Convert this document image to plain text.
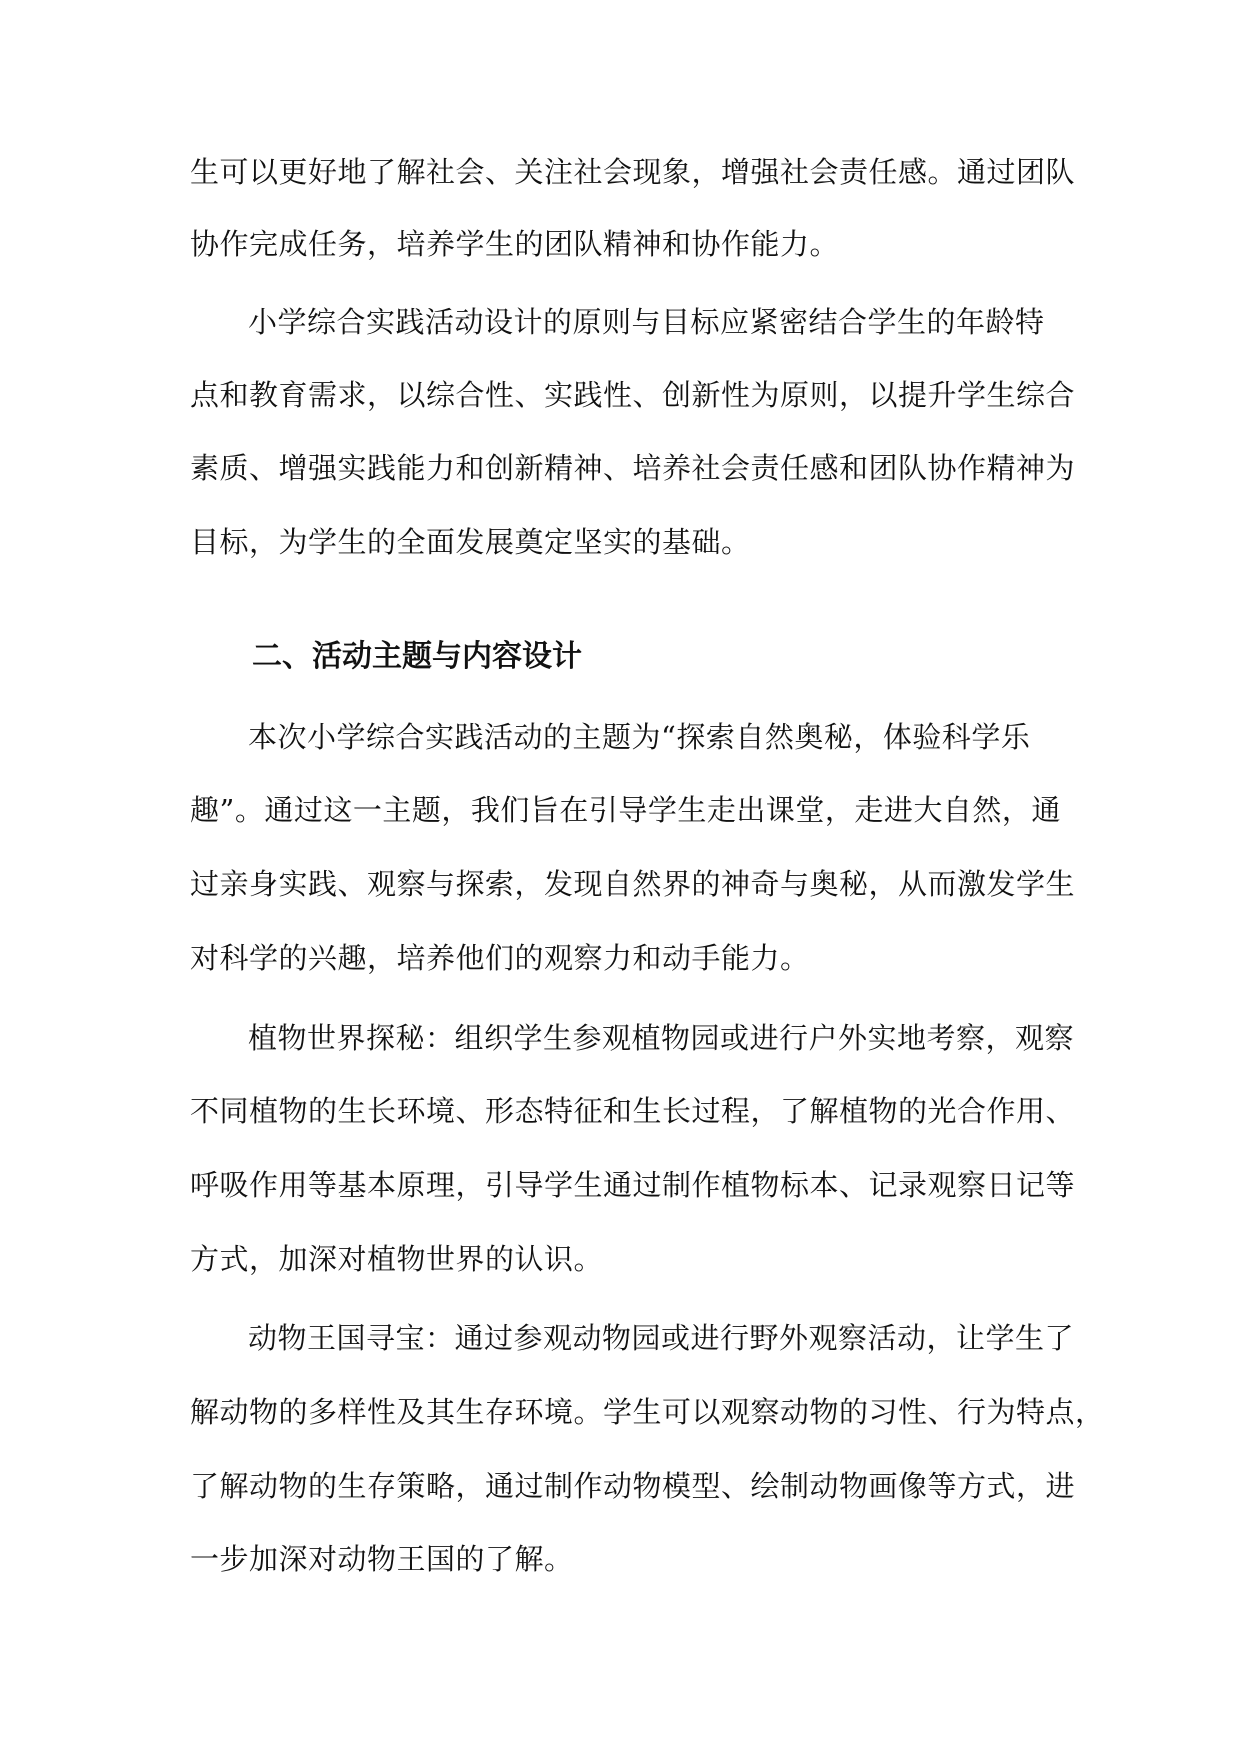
生可以更好地了解社会、关注社会现象，增强社会责任感。通过团队
协作完成任务，培养学生的团队精神和协作能力。
小学综合实践活动设计的原则与目标应紧密结合学生的年龄特
点和教育需求，以综合性、实践性、创新性为原则，以提升学生综合
素质、增强实践能力和创新精神、培养社会责任感和团队协作精神为
目标，为学生的全面发展奠定坚实的基础。
二、活动主题与内容设计
本次小学综合实践活动的主题为“探索自然奥秘，体验科学乐
趣”。通过这一主题，我们旨在引导学生走出课堂，走进大自然，通
过亲身实践、观察与探索，发现自然界的神奇与奥秘，从而激发学生
对科学的兴趣，培养他们的观察力和动手能力。
植物世界探秘：组织学生参观植物园或进行户外实地考察，观察
不同植物的生长环境、形态特征和生长过程，了解植物的光合作用、
呼吸作用等基本原理，引导学生通过制作植物标本、记录观察日记等
方式，加深对植物世界的认识。
动物王国寻宝：通过参观动物园或进行野外观察活动，让学生了
解动物的多样性及其生存环境。学生可以观察动物的习性、行为特点，
了解动物的生存策略，通过制作动物模型、绘制动物画像等方式，进
一步加深对动物王国的了解。
